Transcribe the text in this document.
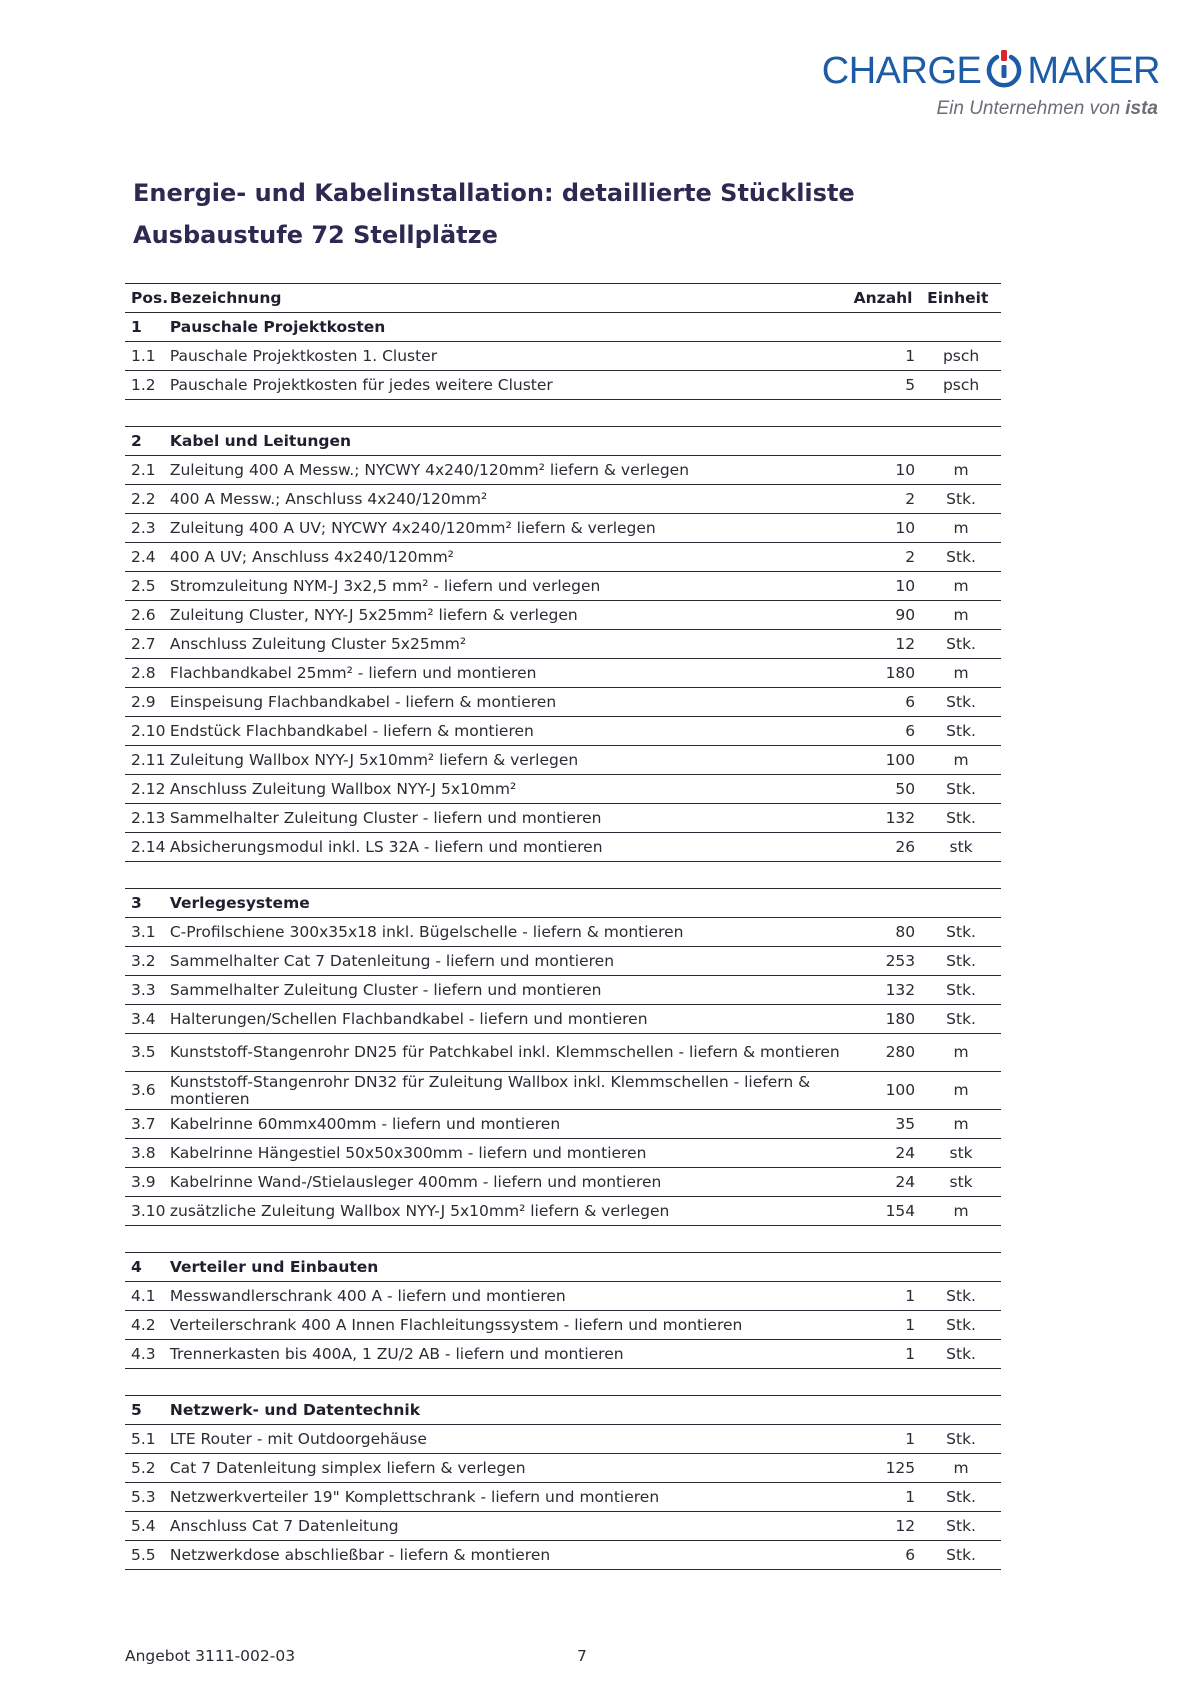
CHARGE MAKER
Ein Unternehmen von ista
Energie- und Kabelinstallation: detaillierte Stückliste
Ausbaustufe 72 Stellplätze
Pos.	Bezeichnung	Anzahl	Einheit
1	Pauschale Projektkosten		
1.1	Pauschale Projektkosten 1. Cluster	1	psch
1.2	Pauschale Projektkosten für jedes weitere Cluster	5	psch

2	Kabel und Leitungen		
2.1	Zuleitung 400 A Messw.; NYCWY 4x240/120mm² liefern & verlegen	10	m
2.2	400 A Messw.; Anschluss 4x240/120mm²	2	Stk.
2.3	Zuleitung 400 A UV; NYCWY 4x240/120mm² liefern & verlegen	10	m
2.4	400 A UV; Anschluss 4x240/120mm²	2	Stk.
2.5	Stromzuleitung NYM-J 3x2,5 mm² - liefern und verlegen	10	m
2.6	Zuleitung Cluster, NYY-J 5x25mm² liefern & verlegen	90	m
2.7	Anschluss Zuleitung Cluster 5x25mm²	12	Stk.
2.8	Flachbandkabel 25mm² - liefern und montieren	180	m
2.9	Einspeisung Flachbandkabel - liefern & montieren	6	Stk.
2.10	Endstück Flachbandkabel - liefern & montieren	6	Stk.
2.11	Zuleitung Wallbox NYY-J 5x10mm² liefern & verlegen	100	m
2.12	Anschluss Zuleitung Wallbox NYY-J 5x10mm²	50	Stk.
2.13	Sammelhalter Zuleitung Cluster - liefern und montieren	132	Stk.
2.14	Absicherungsmodul inkl. LS 32A - liefern und montieren	26	stk

3	Verlegesysteme		
3.1	C-Profilschiene 300x35x18 inkl. Bügelschelle - liefern & montieren	80	Stk.
3.2	Sammelhalter Cat 7 Datenleitung - liefern und montieren	253	Stk.
3.3	Sammelhalter Zuleitung Cluster - liefern und montieren	132	Stk.
3.4	Halterungen/Schellen Flachbandkabel - liefern und montieren	180	Stk.
3.5	Kunststoff-Stangenrohr DN25 für Patchkabel inkl. Klemmschellen - liefern & montieren	280	m
3.6	Kunststoff-Stangenrohr DN32 für Zuleitung Wallbox inkl. Klemmschellen - liefern & montieren	100	m
3.7	Kabelrinne 60mmx400mm - liefern und montieren	35	m
3.8	Kabelrinne Hängestiel 50x50x300mm - liefern und montieren	24	stk
3.9	Kabelrinne Wand-/Stielausleger 400mm - liefern und montieren	24	stk
3.10	zusätzliche Zuleitung Wallbox NYY-J 5x10mm² liefern & verlegen	154	m

4	Verteiler und Einbauten		
4.1	Messwandlerschrank 400 A - liefern und montieren	1	Stk.
4.2	Verteilerschrank 400 A Innen Flachleitungssystem - liefern und montieren	1	Stk.
4.3	Trennerkasten bis 400A, 1 ZU/2 AB - liefern und montieren	1	Stk.

5	Netzwerk- und Datentechnik		
5.1	LTE Router - mit Outdoorgehäuse	1	Stk.
5.2	Cat 7 Datenleitung simplex liefern & verlegen	125	m
5.3	Netzwerkverteiler 19" Komplettschrank - liefern und montieren	1	Stk.
5.4	Anschluss Cat 7 Datenleitung	12	Stk.
5.5	Netzwerkdose abschließbar - liefern & montieren	6	Stk.
Angebot 3111-002-03	7
